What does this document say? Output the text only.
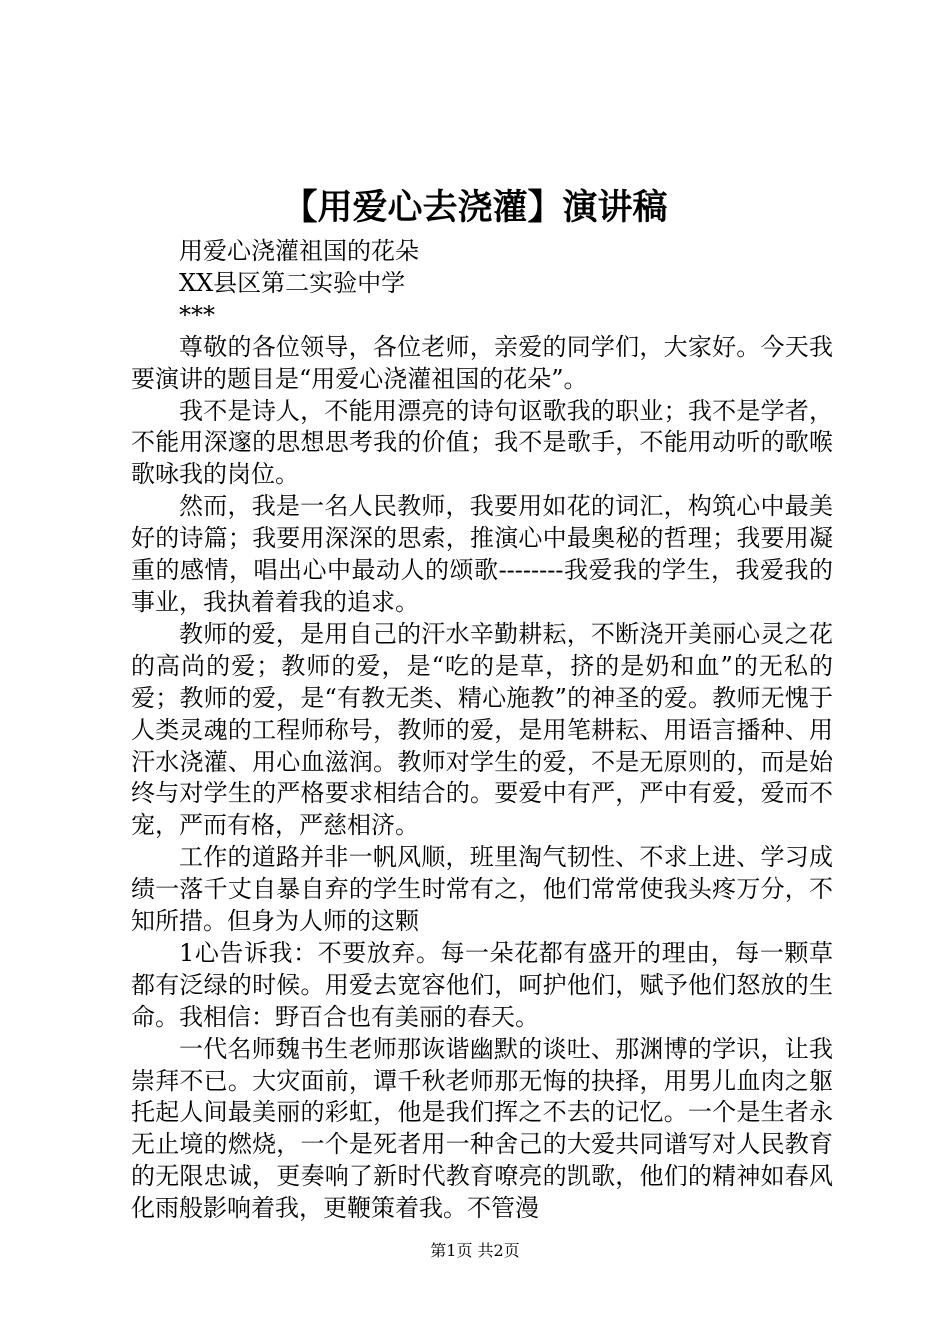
【用爱心去浇灌】演讲稿

用爱心浇灌祖国的花朵

XX县区第二实验中学

***

尊敬的各位领导，各位老师，亲爱的同学们，大家好。今天我要演讲的题目是“用爱心浇灌祖国的花朵”。

我不是诗人，不能用漂亮的诗句讴歌我的职业；我不是学者，不能用深邃的思想思考我的价值；我不是歌手，不能用动听的歌喉歌咏我的岗位。

然而，我是一名人民教师，我要用如花的词汇，构筑心中最美好的诗篇；我要用深深的思索，推演心中最奥秘的哲理；我要用凝重的感情，唱出心中最动人的颂歌--------我爱我的学生，我爱我的事业，我执着着我的追求。

教师的爱，是用自己的汗水辛勤耕耘，不断浇开美丽心灵之花的高尚的爱；教师的爱，是“吃的是草，挤的是奶和血”的无私的爱；教师的爱，是“有教无类、精心施教”的神圣的爱。教师无愧于人类灵魂的工程师称号，教师的爱，是用笔耕耘、用语言播种、用汗水浇灌、用心血滋润。教师对学生的爱，不是无原则的，而是始终与对学生的严格要求相结合的。要爱中有严，严中有爱，爱而不宠，严而有格，严慈相济。

工作的道路并非一帆风顺，班里淘气韧性、不求上进、学习成绩一落千丈自暴自弃的学生时常有之，他们常常使我头疼万分，不知所措。但身为人师的这颗

1心告诉我：不要放弃。每一朵花都有盛开的理由，每一颗草都有泛绿的时候。用爱去宽容他们，呵护他们，赋予他们怒放的生命。我相信：野百合也有美丽的春天。

一代名师魏书生老师那诙谐幽默的谈吐、那渊博的学识，让我崇拜不已。大灾面前，谭千秋老师那无悔的抉择，用男儿血肉之躯托起人间最美丽的彩虹，他是我们挥之不去的记忆。一个是生者永无止境的燃烧，一个是死者用一种舍己的大爱共同谱写对人民教育的无限忠诚，更奏响了新时代教育嘹亮的凯歌，他们的精神如春风化雨般影响着我，更鞭策着我。不管漫

第1页 共2页
